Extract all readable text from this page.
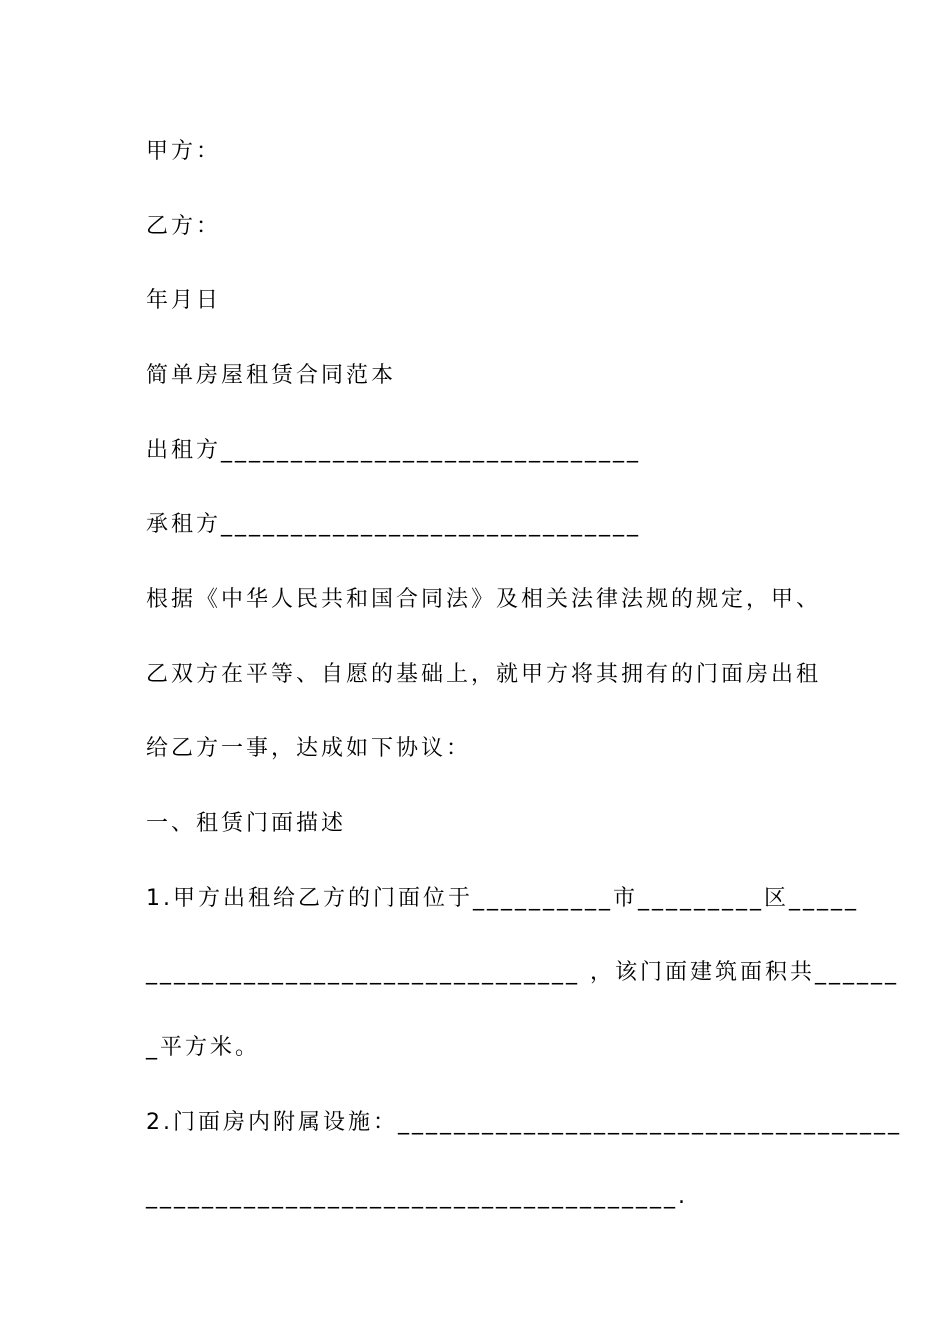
甲方：
乙方：
年月日
简单房屋租赁合同范本
出租方______________________________
承租方______________________________
根据《中华人民共和国合同法》及相关法律法规的规定，甲、
乙双方在平等、自愿的基础上，就甲方将其拥有的门面房出租
给乙方一事，达成如下协议：
一、租赁门面描述
1.甲方出租给乙方的门面位于__________市_________区_____
_______________________________ ，该门面建筑面积共______
_平方米。
2.门面房内附属设施：____________________________________
______________________________________.
